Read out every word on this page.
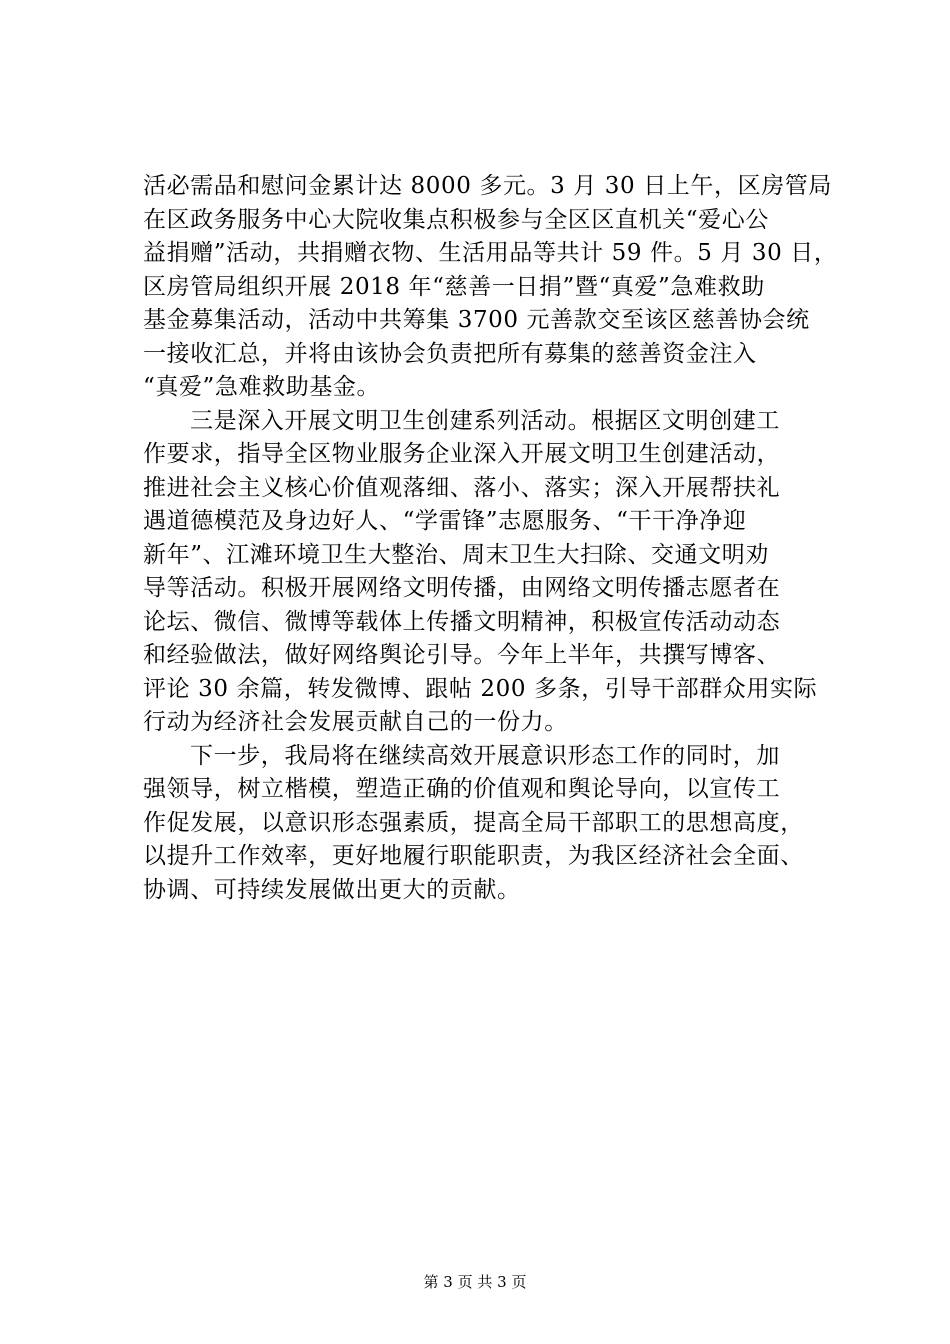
活必需品和慰问金累计达 8000 多元。3 月 30 日上午，区房管局
在区政务服务中心大院收集点积极参与全区区直机关“爱心公
益捐赠”活动，共捐赠衣物、生活用品等共计 59 件。5 月 30 日，
区房管局组织开展 2018 年“慈善一日捐”暨“真爱”急难救助
基金募集活动，活动中共筹集 3700 元善款交至该区慈善协会统
一接收汇总，并将由该协会负责把所有募集的慈善资金注入
“真爱”急难救助基金。
三是深入开展文明卫生创建系列活动。根据区文明创建工
作要求，指导全区物业服务企业深入开展文明卫生创建活动，
推进社会主义核心价值观落细、落小、落实；深入开展帮扶礼
遇道德模范及身边好人、“学雷锋”志愿服务、“干干净净迎
新年”、江滩环境卫生大整治、周末卫生大扫除、交通文明劝
导等活动。积极开展网络文明传播，由网络文明传播志愿者在
论坛、微信、微博等载体上传播文明精神，积极宣传活动动态
和经验做法，做好网络舆论引导。今年上半年，共撰写博客、
评论 30 余篇，转发微博、跟帖 200 多条，引导干部群众用实际
行动为经济社会发展贡献自己的一份力。
下一步，我局将在继续高效开展意识形态工作的同时，加
强领导，树立楷模，塑造正确的价值观和舆论导向，以宣传工
作促发展，以意识形态强素质，提高全局干部职工的思想高度，
以提升工作效率，更好地履行职能职责，为我区经济社会全面、
协调、可持续发展做出更大的贡献。
第 3 页 共 3 页
